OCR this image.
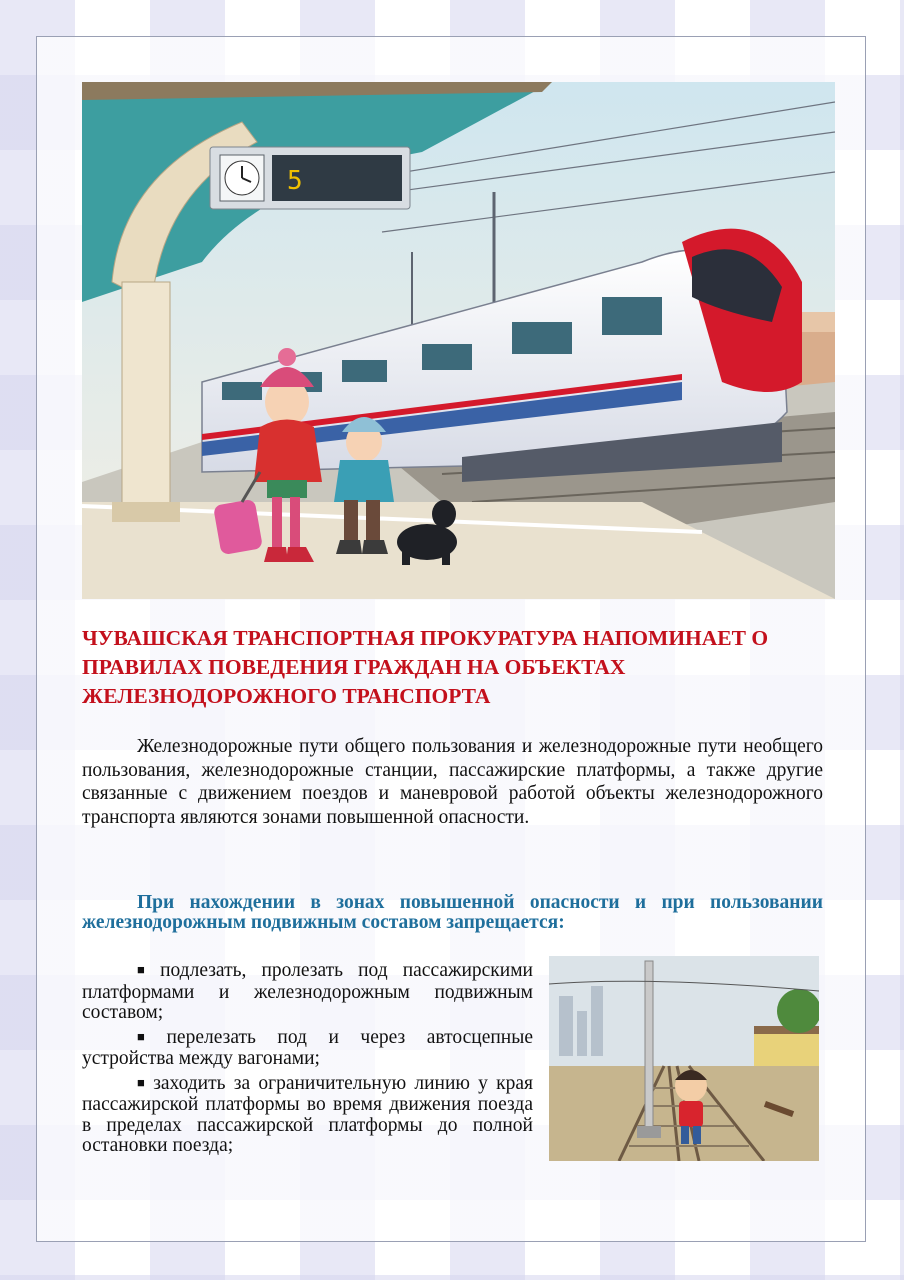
5
ЧУВАШСКАЯ ТРАНСПОРТНАЯ ПРОКУРАТУРА НАПОМИНАЕТ О ПРАВИЛАХ ПОВЕДЕНИЯ ГРАЖДАН НА ОБЪЕКТАХ ЖЕЛЕЗНОДОРОЖНОГО ТРАНСПОРТА

Железнодорожные пути общего пользования и железнодорожные пути необщего пользования, железнодорожные станции, пассажирские платформы, а также другие связанные с движением поездов и маневровой работой объекты железнодорожного транспорта являются зонами повышенной опасности.

При нахождении в зонах повышенной опасности и при пользовании железнодорожным подвижным составом запрещается:

■ подлезать, пролезать под пассажирскими платформами и железнодорожным подвижным составом;
■ перелезать под и через автосцепные устройства между вагонами;
■ заходить за ограничительную линию у края пассажирской платформы во время движения поезда в пределах пассажирской платформы до полной остановки поезда;
